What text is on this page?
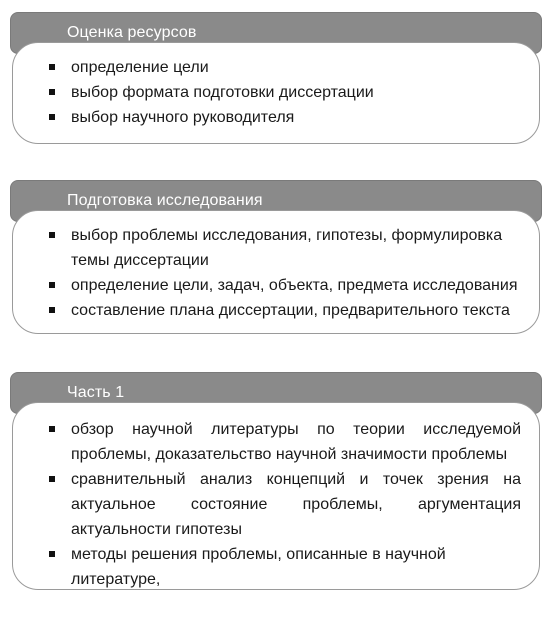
Оценка ресурсов
определение цели
выбор формата подготовки диссертации
выбор научного руководителя
Подготовка исследования
выбор проблемы исследования, гипотезы, формулировка темы диссертации
определение цели, задач, объекта, предмета исследования
составление плана диссертации, предварительного текста
Часть 1
обзор научной литературы по теории исследуемой проблемы, доказательство научной значимости проблемы
сравнительный анализ концепций и точек зрения на актуальное состояние проблемы, аргументация актуальности гипотезы
методы решения проблемы, описанные в научной литературе,
